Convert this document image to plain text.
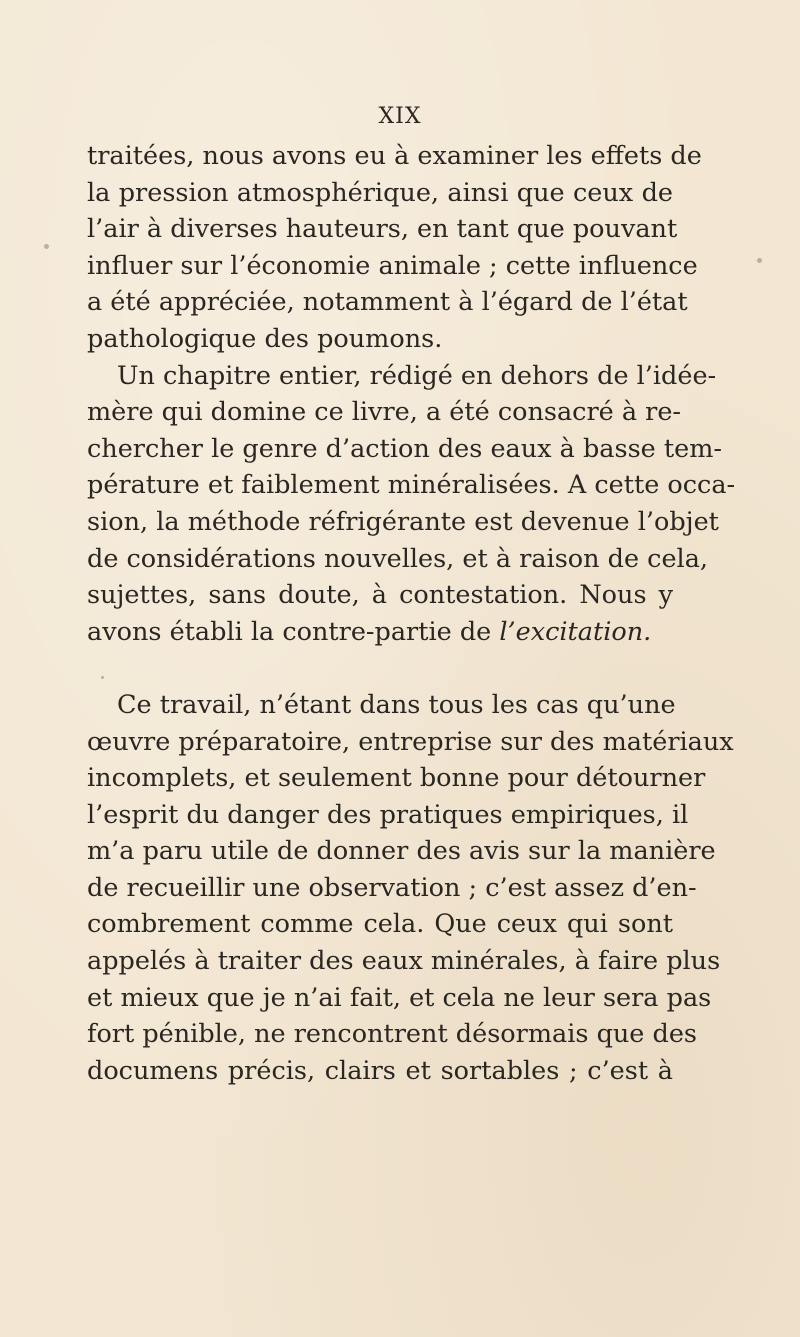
XIX
traitées, nous avons eu à examiner les effets de
la pression atmosphérique, ainsi que ceux de
l’air à diverses hauteurs, en tant que pouvant
influer sur l’économie animale ; cette influence
a été appréciée, notamment à l’égard de l’état
pathologique des poumons.
Un chapitre entier, rédigé en dehors de l’idée-
mère qui domine ce livre, a été consacré à re-
chercher le genre d’action des eaux à basse tem-
pérature et faiblement minéralisées. A cette occa-
sion, la méthode réfrigérante est devenue l’objet
de considérations nouvelles, et à raison de cela,
sujettes, sans doute, à contestation. Nous y
avons établi la contre-partie de l’excitation.
Ce travail, n’étant dans tous les cas qu’une
œuvre préparatoire, entreprise sur des matériaux
incomplets, et seulement bonne pour détourner
l’esprit du danger des pratiques empiriques, il
m’a paru utile de donner des avis sur la manière
de recueillir une observation ; c’est assez d’en-
combrement comme cela. Que ceux qui sont
appelés à traiter des eaux minérales, à faire plus
et mieux que je n’ai fait, et cela ne leur sera pas
fort pénible, ne rencontrent désormais que des
documens précis, clairs et sortables ; c’est à
